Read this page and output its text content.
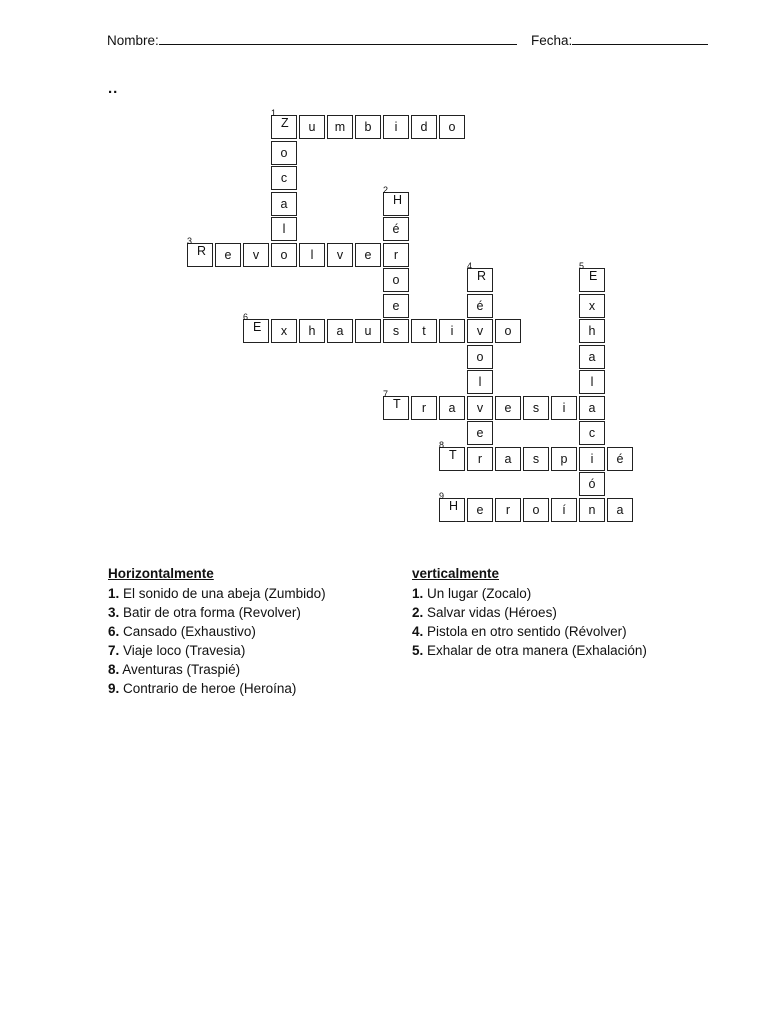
Nombre:	Fecha:
..
1
Z	u	m	b	i	d	o
o
c
a
l
o
2
H
é
r
o
e
s
3
R	e	v	l	v	e
4
R
é
v
o
l
v
e
r
5
E
x
h
a
l
a
c
i
ó
n
6
E	x	h	a	u	t	i	o
7
T	r	a	e	s	i
8
T	a	s	p	é
9
H	e	r	o	í	a
Horizontalmente
1. El sonido de una abeja (Zumbido)
3. Batir de otra forma (Revolver)
6. Cansado (Exhaustivo)
7. Viaje loco (Travesia)
8. Aventuras (Traspié)
9. Contrario de heroe (Heroína)
verticalmente
1. Un lugar (Zocalo)
2. Salvar vidas (Héroes)
4. Pistola en otro sentido (Révolver)
5. Exhalar de otra manera (Exhalación)
